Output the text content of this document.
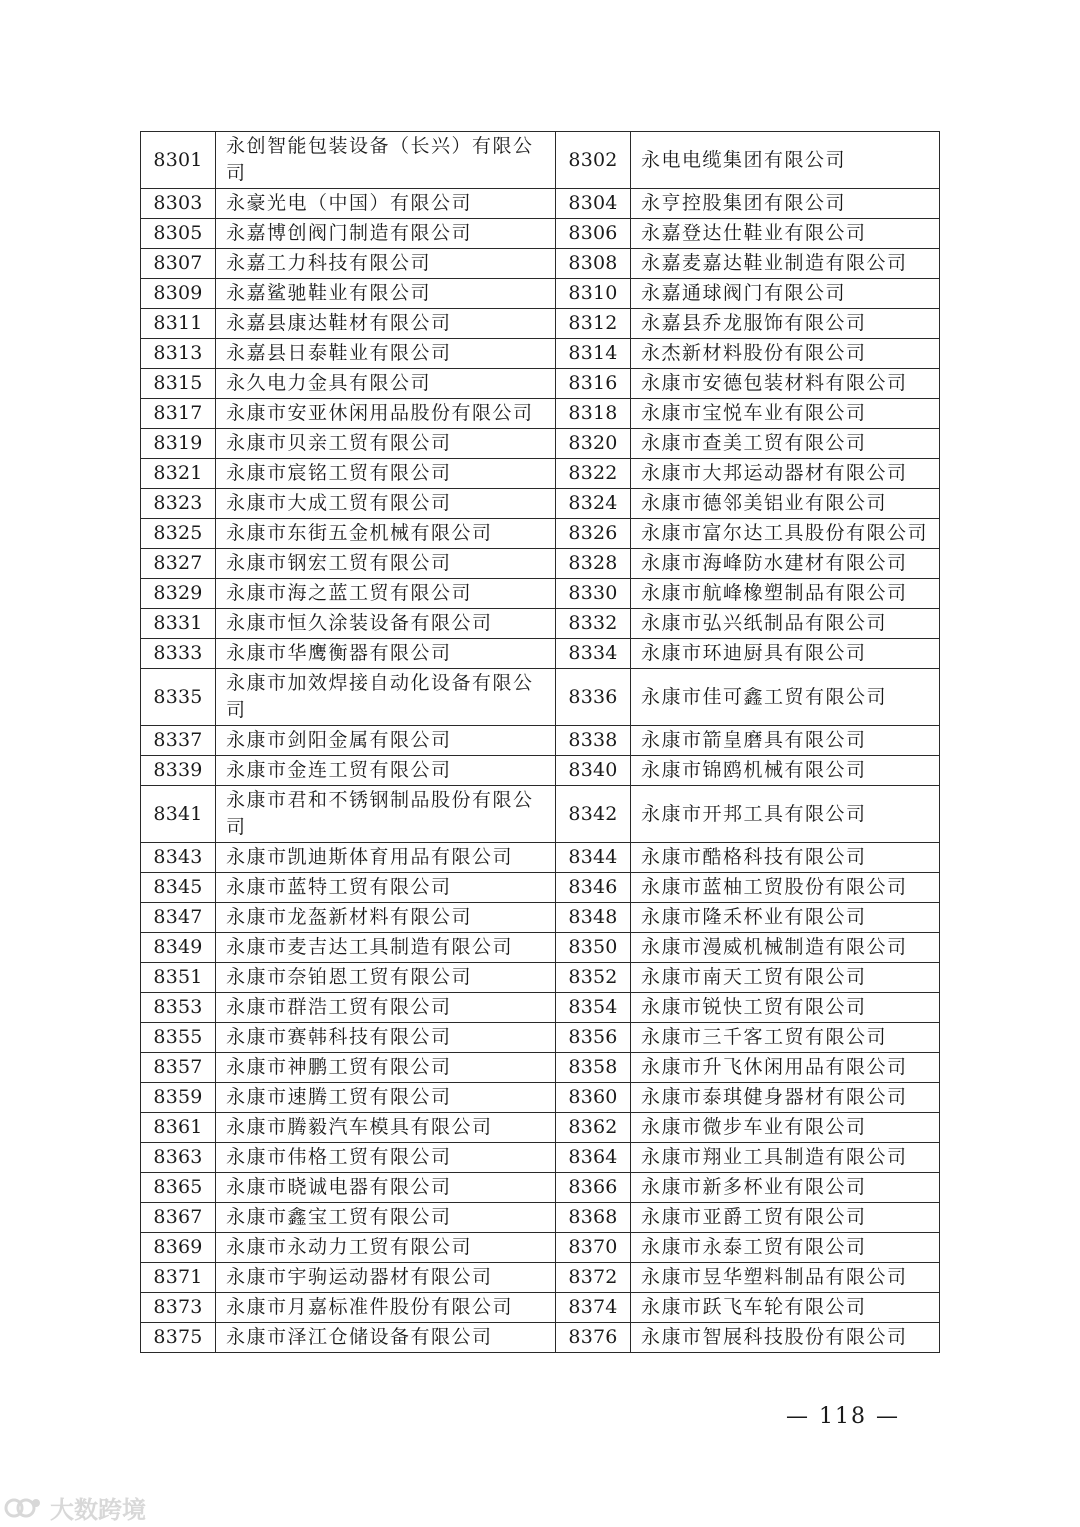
8301	永创智能包装设备（长兴）有限公司	8302	永电电缆集团有限公司
8303	永豪光电（中国）有限公司	8304	永亨控股集团有限公司
8305	永嘉博创阀门制造有限公司	8306	永嘉登达仕鞋业有限公司
8307	永嘉工力科技有限公司	8308	永嘉麦嘉达鞋业制造有限公司
8309	永嘉鲨驰鞋业有限公司	8310	永嘉通球阀门有限公司
8311	永嘉县康达鞋材有限公司	8312	永嘉县乔龙服饰有限公司
8313	永嘉县日泰鞋业有限公司	8314	永杰新材料股份有限公司
8315	永久电力金具有限公司	8316	永康市安德包装材料有限公司
8317	永康市安亚休闲用品股份有限公司	8318	永康市宝悦车业有限公司
8319	永康市贝亲工贸有限公司	8320	永康市查美工贸有限公司
8321	永康市宸铭工贸有限公司	8322	永康市大邦运动器材有限公司
8323	永康市大成工贸有限公司	8324	永康市德邻美铝业有限公司
8325	永康市东街五金机械有限公司	8326	永康市富尔达工具股份有限公司
8327	永康市钢宏工贸有限公司	8328	永康市海峰防水建材有限公司
8329	永康市海之蓝工贸有限公司	8330	永康市航峰橡塑制品有限公司
8331	永康市恒久涂装设备有限公司	8332	永康市弘兴纸制品有限公司
8333	永康市华鹰衡器有限公司	8334	永康市环迪厨具有限公司
8335	永康市加效焊接自动化设备有限公司	8336	永康市佳可鑫工贸有限公司
8337	永康市剑阳金属有限公司	8338	永康市箭皇磨具有限公司
8339	永康市金连工贸有限公司	8340	永康市锦鸥机械有限公司
8341	永康市君和不锈钢制品股份有限公司	8342	永康市开邦工具有限公司
8343	永康市凯迪斯体育用品有限公司	8344	永康市酷格科技有限公司
8345	永康市蓝特工贸有限公司	8346	永康市蓝柚工贸股份有限公司
8347	永康市龙盔新材料有限公司	8348	永康市隆禾杯业有限公司
8349	永康市麦吉达工具制造有限公司	8350	永康市漫威机械制造有限公司
8351	永康市奈铂恩工贸有限公司	8352	永康市南天工贸有限公司
8353	永康市群浩工贸有限公司	8354	永康市锐快工贸有限公司
8355	永康市赛韩科技有限公司	8356	永康市三千客工贸有限公司
8357	永康市神鹏工贸有限公司	8358	永康市升飞休闲用品有限公司
8359	永康市速腾工贸有限公司	8360	永康市泰琪健身器材有限公司
8361	永康市腾毅汽车模具有限公司	8362	永康市微步车业有限公司
8363	永康市伟格工贸有限公司	8364	永康市翔业工具制造有限公司
8365	永康市晓诚电器有限公司	8366	永康市新多杯业有限公司
8367	永康市鑫宝工贸有限公司	8368	永康市亚爵工贸有限公司
8369	永康市永动力工贸有限公司	8370	永康市永泰工贸有限公司
8371	永康市宇驹运动器材有限公司	8372	永康市昱华塑料制品有限公司
8373	永康市月嘉标准件股份有限公司	8374	永康市跃飞车轮有限公司
8375	永康市泽江仓储设备有限公司	8376	永康市智展科技股份有限公司
— 118 —
大数跨境
